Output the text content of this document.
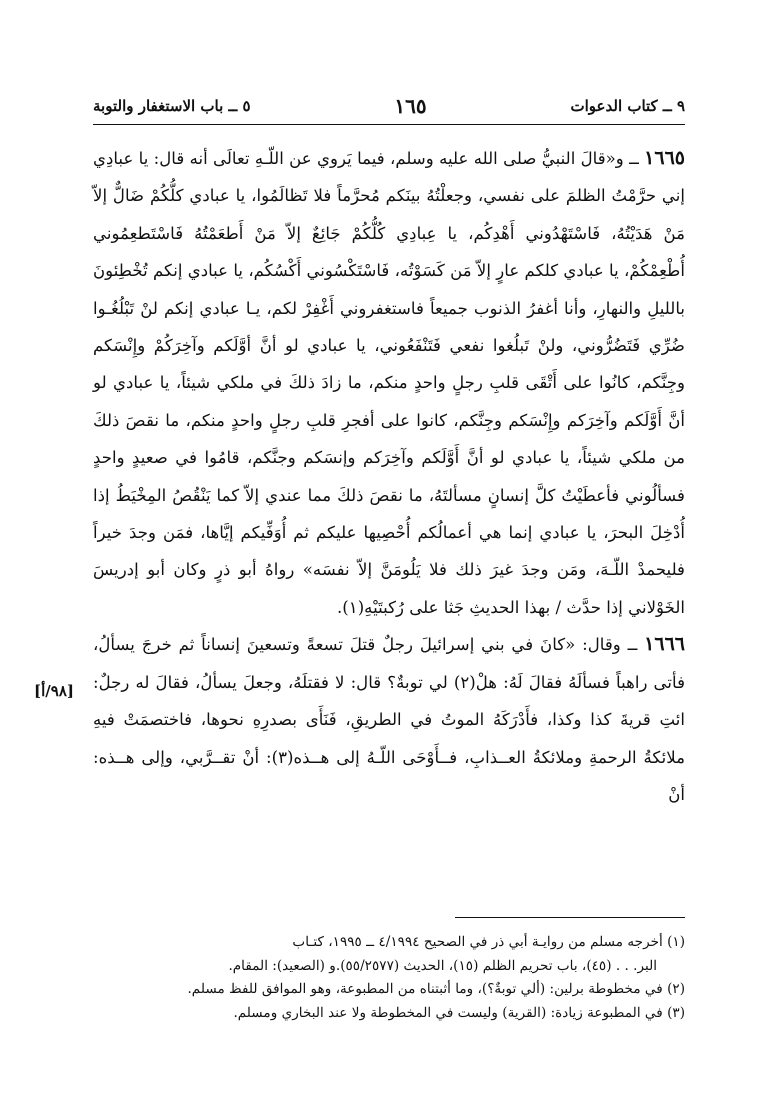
٩ ــ كتاب الدعوات
١٦٥
٥ ــ باب الاستغفار والتوبة

١٦٦٥ ــ و«قالَ النبيُّ صلى الله عليه وسلم، فيما يَروي عن اللّـهِ تعالَى أنه قال: يا عبادِي إني حرَّمْتُ الظلمَ على نفسي، وجعلْتُهُ بينَكم مُحرَّماً فلا تَظالَمُوا، يا عبادي كلُّكُمْ ضَالٌّ إلاّ مَنْ هَدَيْتُهُ، فَاسْتَهْدُوني أَهْدِكُم، يا عِبادِي كُلُّكُمْ جَائِعٌ إلاّ مَنْ أَطعَمْتُهُ فَاسْتَطعِمُوني أُطْعِمْكُمْ، يا عبادي كلكم عارٍ إلاّ مَن كَسَوْتُه، فَاسْتَكْسُوني أَكْسُكُم، يا عبادي إنكم تُخْطِئونَ بالليلِ والنهارِ، وأنا أغفرُ الذنوب جميعاً فاستغفروني أَغْفِرْ لكم، يـا عبادي إنكم لنْ تَبْلُغُـوا ضُرِّي فَتَضُرُّوني، ولنْ تَبلُغوا نفعي فَتَنْفَعُوني، يا عبادي لو أنَّ أوَّلَكم وآخِرَكُمْ وإِنْسَكم وجِنَّكم، كانُوا على أَتْقَى قلبِ رجلٍ واحدٍ منكم، ما زادَ ذلكَ في ملكي شيئاً، يا عبادي لو أنَّ أَوَّلَكم وآخِرَكم وإِنْسَكم وجِنَّكم، كانوا على أفجرِ قلبِ رجلٍ واحدٍ منكم، ما نقصَ ذلكَ من ملكي شيئاً، يا عبادي لو أنَّ أَوَّلَكم وآخِرَكم وإنسَكم وجنَّكم، قامُوا في صعيدٍ واحدٍ فسألُوني فأعطَيْتُ كلَّ إنسانٍ مسألتَهُ، ما نقصَ ذلكَ مما عندي إلاّ كما يَنْقُصُ المِخْيَطُ إذا أُدْخِلَ البحرَ، يا عبادي إنما هي أعمالُكم أُحْصِيها عليكم ثم أُوَفِّيكم إيَّاها، فمَن وجدَ خيراً فليحمدْ اللّـهَ، ومَن وجدَ غيرَ ذلك فلا يَلُومَنَّ إلاّ نفسَه» رواهُ أبو ذرٍ وكان أبو إدريسَ الخَوْلاني إذا حدَّث / بهذا الحديثِ جَثا على رُكبتَيْهِ(١).

١٦٦٦ ــ وقال: «كانَ في بني إسرائيلَ رجلٌ قتلَ تسعةً وتسعينَ إنساناً ثم خرجَ يسألُ، فأتى راهباً فسألَهُ فقالَ لَهُ: هلْ(٢) لي توبةٌ؟ قال: لا فقتلَهُ، وجعلَ يسألُ، فقالَ له رجلٌ: ائتِ قريةَ كذا وكذا، فأَدْرَكَهُ الموتُ في الطريقِ، فَنَأَى بصدرِهِ نحوها، فاختصمَتْ فيهِ ملائكةُ الرحمةِ وملائكةُ العــذابِ، فــأَوْحَى اللّـهُ إلى هــذه(٣): أنْ تقــرَّبي، وإلى هــذه: أنْ

[٩٨/أ]

(١) أخرجه مسلم من روايـة أبي ذر في الصحيح ٤/١٩٩٤ ــ ١٩٩٥، كتـاب

البر. . . (٤٥)، باب تحريم الظلم (١٥)، الحديث (٥٥/٢٥٧٧).و (الصعيد): المقام.

(٢) في مخطوطة برلين: (ألي توبةٌ؟)، وما أثبتناه من المطبوعة، وهو الموافق للفظ مسلم.

(٣) في المطبوعة زيادة: (القرية) وليست في المخطوطة ولا عند البخاري ومسلم.
